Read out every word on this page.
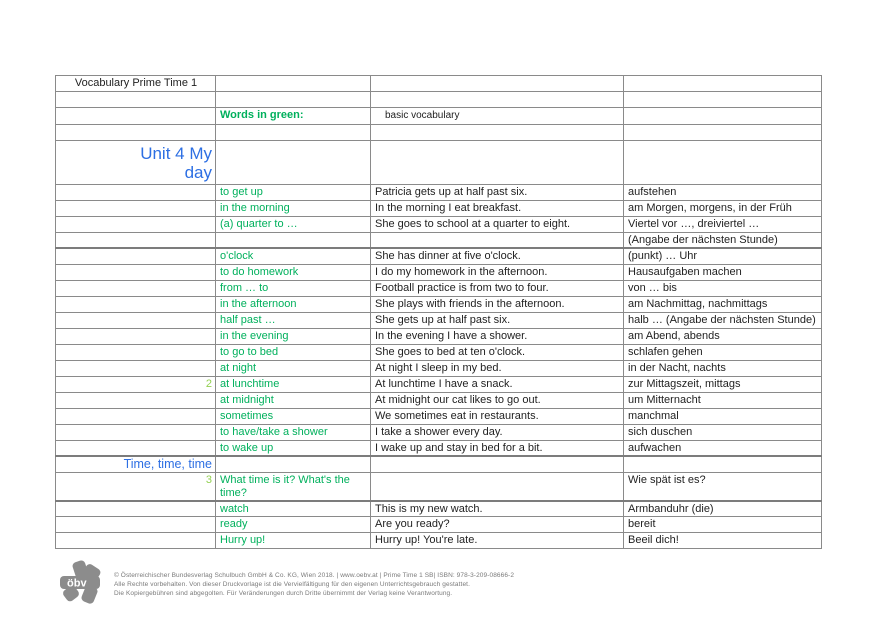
Vocabulary Prime Time 1			

	Words in green:	basic vocabulary	

Unit 4 My day			
	to get up	Patricia gets up at half past six.	aufstehen
	in the morning	In the morning I eat breakfast.	am Morgen, morgens, in der Früh
	(a) quarter to …	She goes to school at a quarter to eight.	Viertel vor …, dreiviertel …
			(Angabe der nächsten Stunde)
	o'clock	She has dinner at five o'clock.	(punkt) … Uhr
	to do homework	I do my homework in the afternoon.	Hausaufgaben machen
	from … to	Football practice is from two to four.	von … bis
	in the afternoon	She plays with friends in the afternoon.	am Nachmittag, nachmittags
	half past …	She gets up at half past six.	halb … (Angabe der nächsten Stunde)
	in the evening	In the evening I have a shower.	am Abend, abends
	to go to bed	She goes to bed at ten o'clock.	schlafen gehen
	at night	At night I sleep in my bed.	in der Nacht, nachts
2	at lunchtime	At lunchtime I have a snack.	zur Mittagszeit, mittags
	at midnight	At midnight our cat likes to go out.	um Mitternacht
	sometimes	We sometimes eat in restaurants.	manchmal
	to have/take a shower	I take a shower every day.	sich duschen
	to wake up	I wake up and stay in bed for a bit.	aufwachen
Time, time, time			
3	What time is it? What's the time?		Wie spät ist es?
	watch	This is my new watch.	Armbanduhr (die)
	ready	Are you ready?	bereit
	Hurry up!	Hurry up! You're late.	Beeil dich!
öbv
© Österreichischer Bundesverlag Schulbuch GmbH & Co. KG, Wien 2018. | www.oebv.at | Prime Time 1 SB| ISBN: 978-3-209-08666-2
Alle Rechte vorbehalten. Von dieser Druckvorlage ist die Vervielfältigung für den eigenen Unterrichtsgebrauch gestattet.
Die Kopiergebühren sind abgegolten. Für Veränderungen durch Dritte übernimmt der Verlag keine Verantwortung.
